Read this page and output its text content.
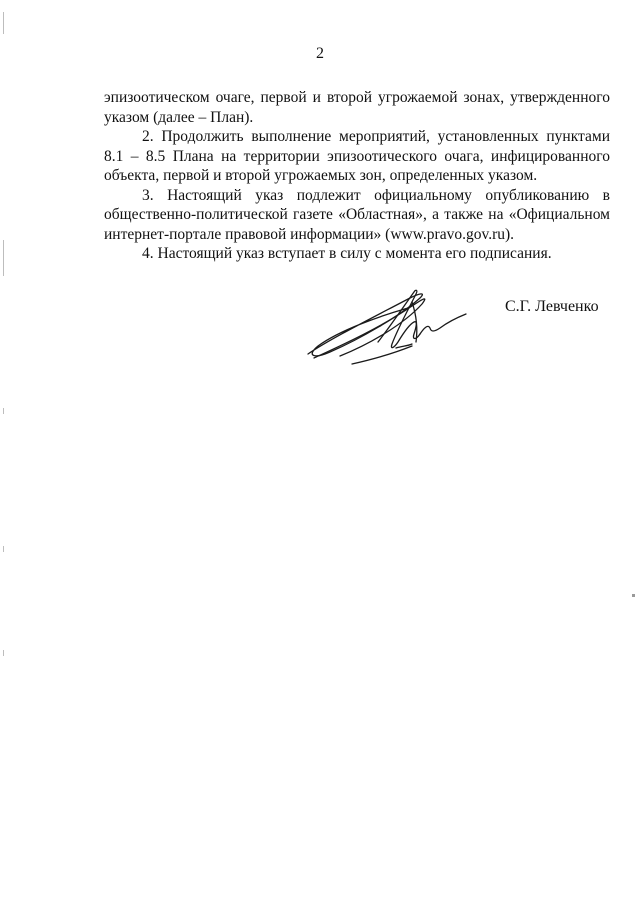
2

эпизоотическом очаге, первой и второй угрожаемой зонах, утвержденного указом (далее – План).

2. Продолжить выполнение мероприятий, установленных пунктами 8.1 – 8.5 Плана на территории эпизоотического очага, инфицированного объекта, первой и второй угрожаемых зон, определенных указом.

3. Настоящий указ подлежит официальному опубликованию в общественно-политической газете «Областная», а также на «Официальном интернет-портале правовой информации» (www.pravo.gov.ru).

4. Настоящий указ вступает в силу с момента его подписания.

С.Г. Левченко
